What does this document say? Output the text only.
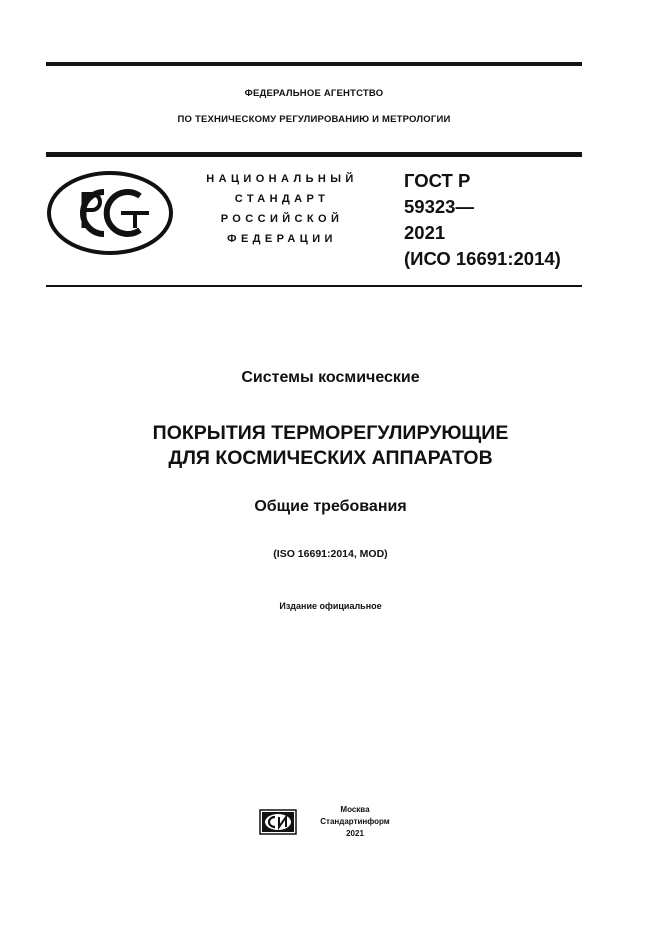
ФЕДЕРАЛЬНОЕ АГЕНТСТВО
ПО ТЕХНИЧЕСКОМУ РЕГУЛИРОВАНИЮ И МЕТРОЛОГИИ
НАЦИОНАЛЬНЫЙ
СТАНДАРТ
РОССИЙСКОЙ
ФЕДЕРАЦИИ
ГОСТ Р
59323—
2021
(ИСО 16691:2014)
Системы космические
ПОКРЫТИЯ ТЕРМОРЕГУЛИРУЮЩИЕ
ДЛЯ КОСМИЧЕСКИХ АППАРАТОВ
Общие требования
(ISO 16691:2014, MOD)
Издание официальное
Москва
Стандартинформ
2021
